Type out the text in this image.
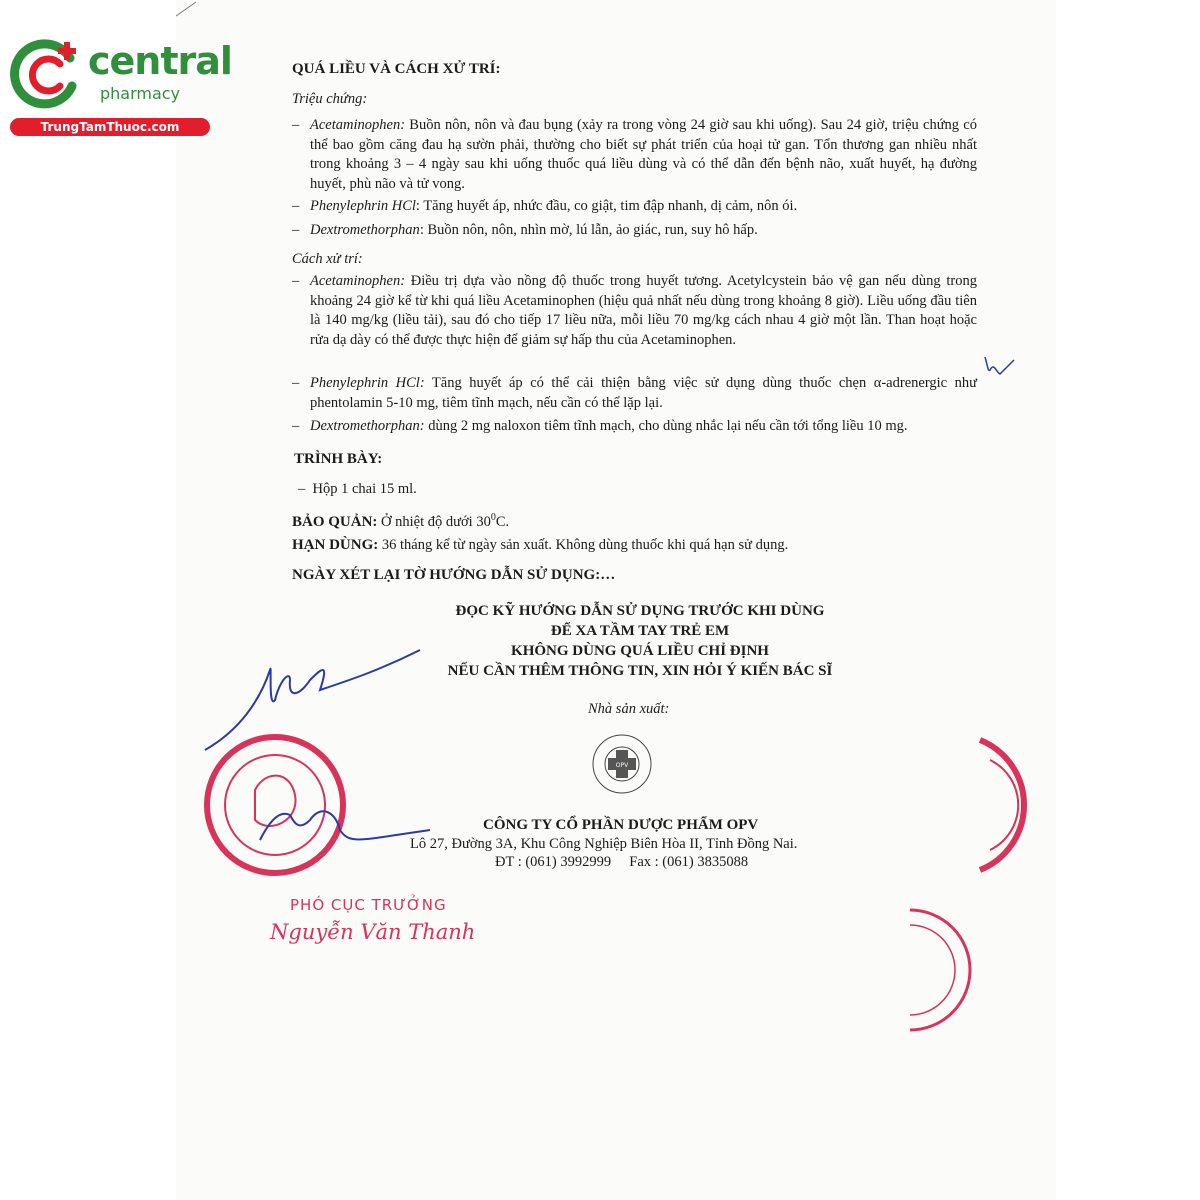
central
pharmacy
TrungTamThuoc.com
QUÁ LIỀU VÀ CÁCH XỬ TRÍ:
Triệu chứng:
– Acetaminophen: Buồn nôn, nôn và đau bụng (xảy ra trong vòng 24 giờ sau khi uống). Sau 24 giờ, triệu chứng có thể bao gồm căng đau hạ sườn phải, thường cho biết sự phát triển của hoại tử gan. Tổn thương gan nhiều nhất trong khoảng 3 – 4 ngày sau khi uống thuốc quá liều dùng và có thể dẫn đến bệnh não, xuất huyết, hạ đường huyết, phù não và tử vong.
– Phenylephrin HCl: Tăng huyết áp, nhức đầu, co giật, tim đập nhanh, dị cảm, nôn ói.
– Dextromethorphan: Buồn nôn, nôn, nhìn mờ, lú lẫn, ảo giác, run, suy hô hấp.
Cách xử trí:
– Acetaminophen: Điều trị dựa vào nồng độ thuốc trong huyết tương. Acetylcystein bảo vệ gan nếu dùng trong khoảng 24 giờ kể từ khi quá liều Acetaminophen (hiệu quả nhất nếu dùng trong khoảng 8 giờ). Liều uống đầu tiên là 140 mg/kg (liều tải), sau đó cho tiếp 17 liều nữa, mỗi liều 70 mg/kg cách nhau 4 giờ một lần. Than hoạt hoặc rửa dạ dày có thể được thực hiện để giảm sự hấp thu của Acetaminophen.
– Phenylephrin HCl: Tăng huyết áp có thể cải thiện bằng việc sử dụng dùng thuốc chẹn α-adrenergic như phentolamin 5-10 mg, tiêm tĩnh mạch, nếu cần có thể lặp lại.
– Dextromethorphan: dùng 2 mg naloxon tiêm tĩnh mạch, cho dùng nhắc lại nếu cần tới tổng liều 10 mg.
TRÌNH BÀY:
–  Hộp 1 chai 15 ml.
BẢO QUẢN: Ở nhiệt độ dưới $30^0C$.
HẠN DÙNG: 36 tháng kể từ ngày sản xuất. Không dùng thuốc khi quá hạn sử dụng.
NGÀY XÉT LẠI TỜ HƯỚNG DẪN SỬ DỤNG:…
ĐỌC KỸ HƯỚNG DẪN SỬ DỤNG TRƯỚC KHI DÙNG
ĐỂ XA TẦM TAY TRẺ EM
KHÔNG DÙNG QUÁ LIỀU CHỈ ĐỊNH
NẾU CẦN THÊM THÔNG TIN, XIN HỎI Ý KIẾN BÁC SĨ
Nhà sản xuất:
OPV
CÔNG TY CỔ PHẦN DƯỢC PHẨM OPV
Lô 27, Đường 3A, Khu Công Nghiệp Biên Hòa II, Tỉnh Đồng Nai.
ĐT : (061) 3992999     Fax : (061) 3835088
PHÓ CỤC TRƯỞNG
Nguyễn Văn Thanh
